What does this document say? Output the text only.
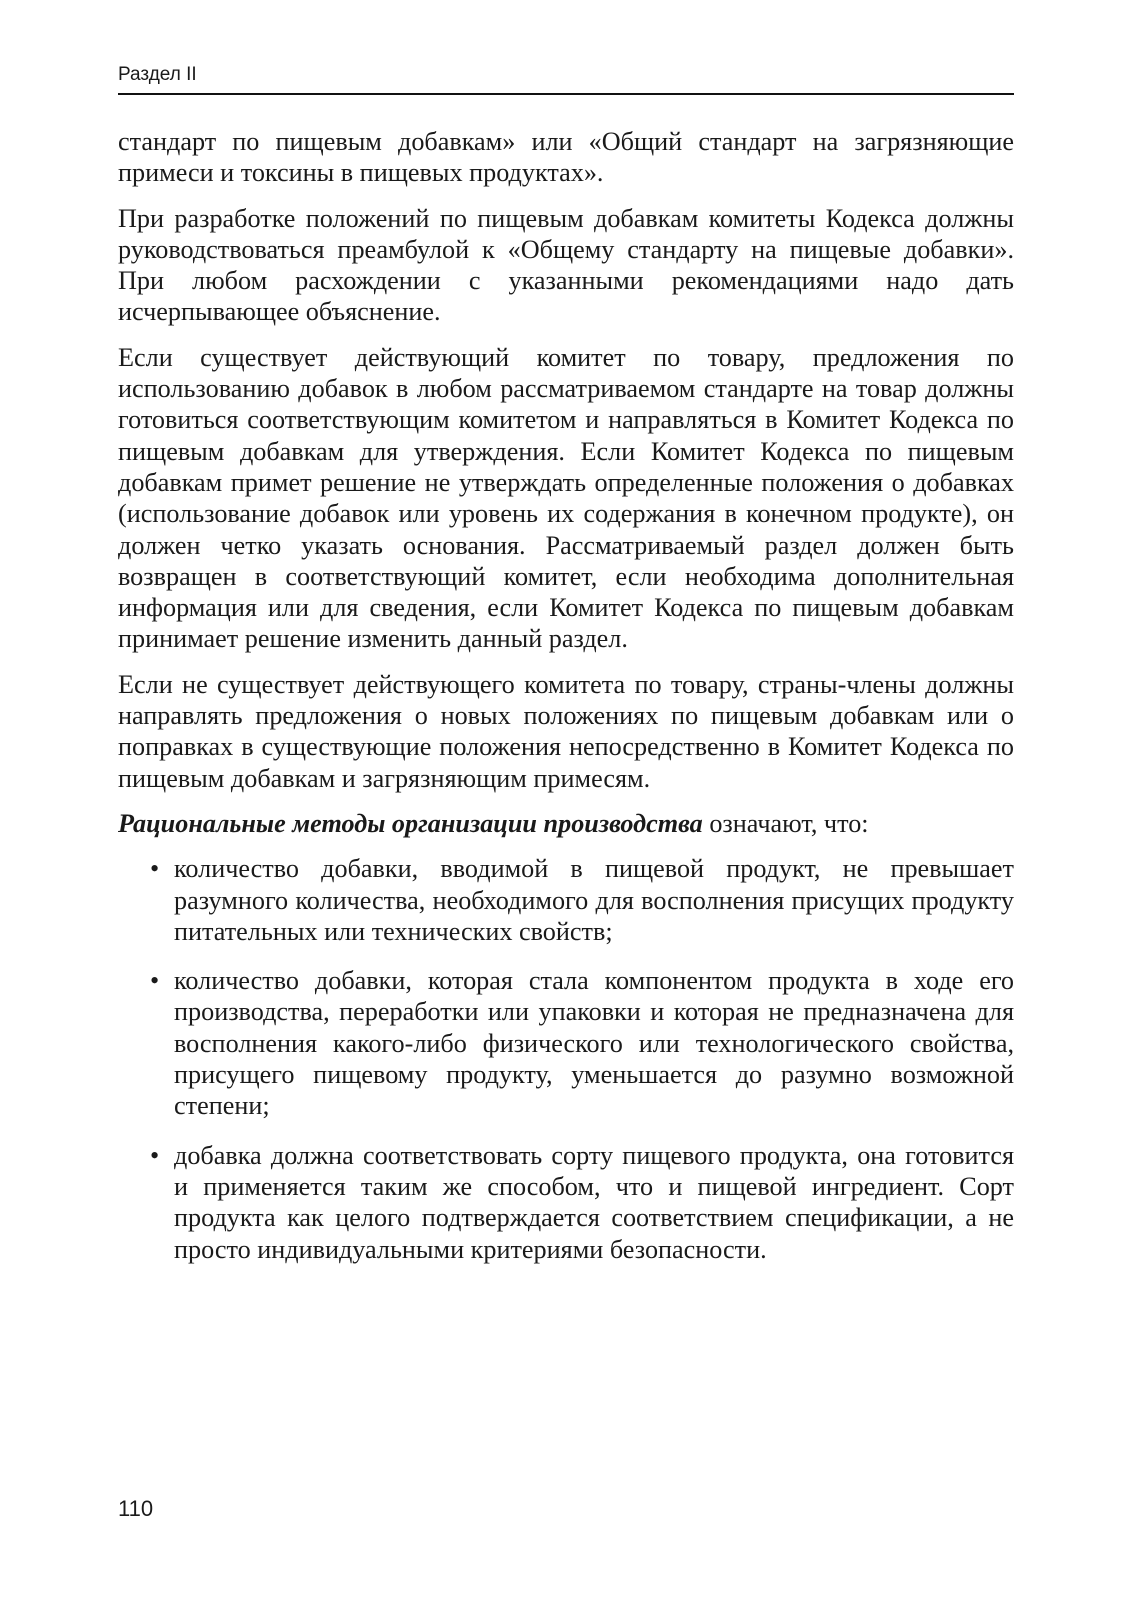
Раздел II

стандарт по пищевым добавкам» или «Общий стандарт на загрязняющие примеси и токсины в пищевых продуктах».

При разработке положений по пищевым добавкам комитеты Кодекса должны руководствоваться преамбулой к «Общему стандарту на пищевые добавки». При любом расхождении с указанными рекомендациями надо дать исчерпывающее объяснение.

Если существует действующий комитет по товару, предложения по использованию добавок в любом рассматриваемом стандарте на товар должны готовиться соответствующим комитетом и направляться в Комитет Кодекса по пищевым добавкам для утверждения. Если Комитет Кодекса по пищевым добавкам примет решение не утверждать определенные положения о добавках (использование добавок или уровень их содержания в конечном продукте), он должен четко указать основания. Рассматриваемый раздел должен быть возвращен в соответствующий комитет, если необходима дополнительная информация или для сведения, если Комитет Кодекса по пищевым добавкам принимает решение изменить данный раздел.

Если не существует действующего комитета по товару, страны-члены должны направлять предложения о новых положениях по пищевым добавкам или о поправках в существующие положения непосредственно в Комитет Кодекса по пищевым добавкам и загрязняющим примесям.

Рациональные методы организации производства означают, что:

• количество добавки, вводимой в пищевой продукт, не превышает разумного количества, необходимого для восполнения присущих продукту питательных или технических свойств;
• количество добавки, которая стала компонентом продукта в ходе его производства, переработки или упаковки и которая не предназначена для восполнения какого-либо физического или технологического свойства, присущего пищевому продукту, уменьшается до разумно возможной степени;
• добавка должна соответствовать сорту пищевого продукта, она готовится и применяется таким же способом, что и пищевой ингредиент. Сорт продукта как целого подтверждается соответствием спецификации, а не просто индивидуальными критериями безопасности.
110
